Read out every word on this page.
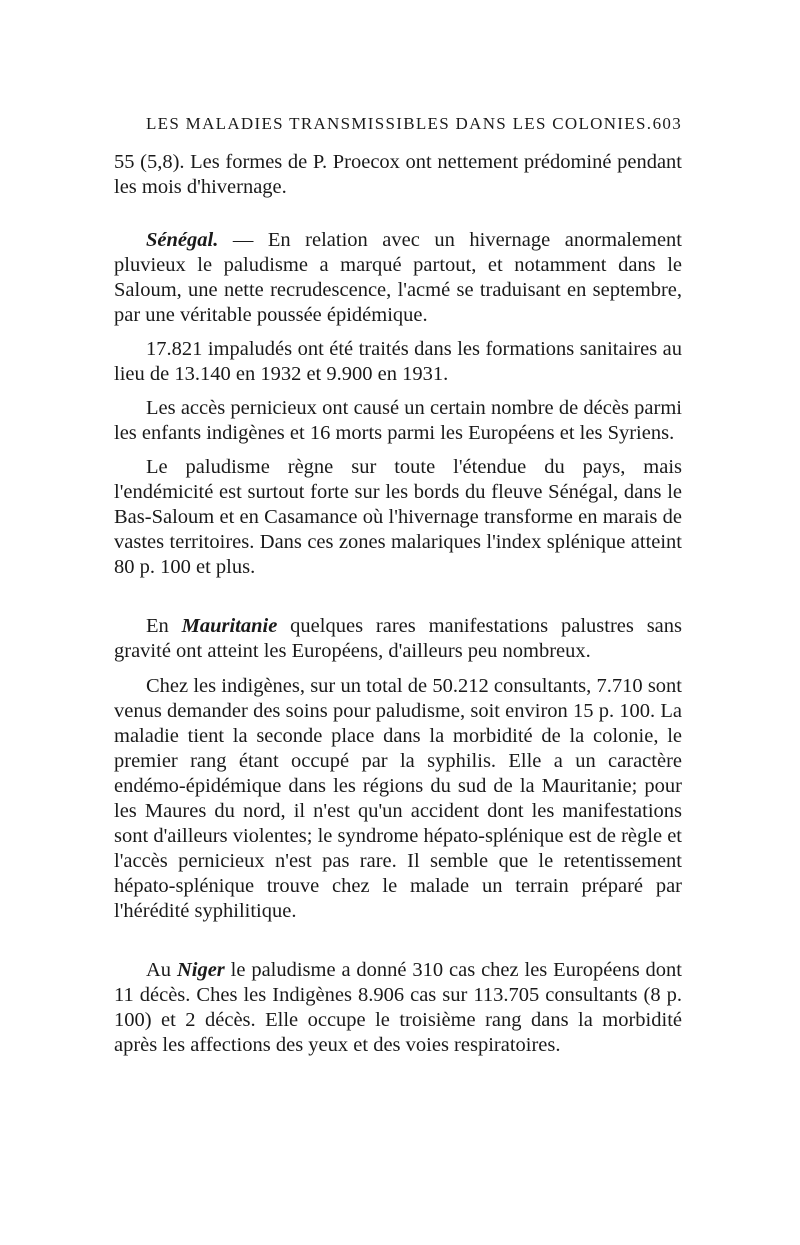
LES MALADIES TRANSMISSIBLES DANS LES COLONIES. 603

55 (5,8). Les formes de P. Proecox ont nettement prédominé pendant les mois d'hivernage.

Sénégal. — En relation avec un hivernage anormalement pluvieux le paludisme a marqué partout, et notamment dans le Saloum, une nette recrudescence, l'acmé se traduisant en septembre, par une véritable poussée épidémique.

17.821 impaludés ont été traités dans les formations sanitaires au lieu de 13.140 en 1932 et 9.900 en 1931.

Les accès pernicieux ont causé un certain nombre de décès parmi les enfants indigènes et 16 morts parmi les Européens et les Syriens.

Le paludisme règne sur toute l'étendue du pays, mais l'endémicité est surtout forte sur les bords du fleuve Sénégal, dans le Bas-Saloum et en Casamance où l'hivernage transforme en marais de vastes territoires. Dans ces zones malariques l'index splénique atteint 80 p. 100 et plus.

En Mauritanie quelques rares manifestations palustres sans gravité ont atteint les Européens, d'ailleurs peu nombreux.

Chez les indigènes, sur un total de 50.212 consultants, 7.710 sont venus demander des soins pour paludisme, soit environ 15 p. 100. La maladie tient la seconde place dans la morbidité de la colonie, le premier rang étant occupé par la syphilis. Elle a un caractère endémo-épidémique dans les régions du sud de la Mauritanie; pour les Maures du nord, il n'est qu'un accident dont les manifestations sont d'ailleurs violentes; le syndrome hépato-splénique est de règle et l'accès pernicieux n'est pas rare. Il semble que le retentissement hépato-splénique trouve chez le malade un terrain préparé par l'hérédité syphilitique.

Au Niger le paludisme a donné 310 cas chez les Européens dont 11 décès. Ches les Indigènes 8.906 cas sur 113.705 consultants (8 p. 100) et 2 décès. Elle occupe le troisième rang dans la morbidité après les affections des yeux et des voies respiratoires.
